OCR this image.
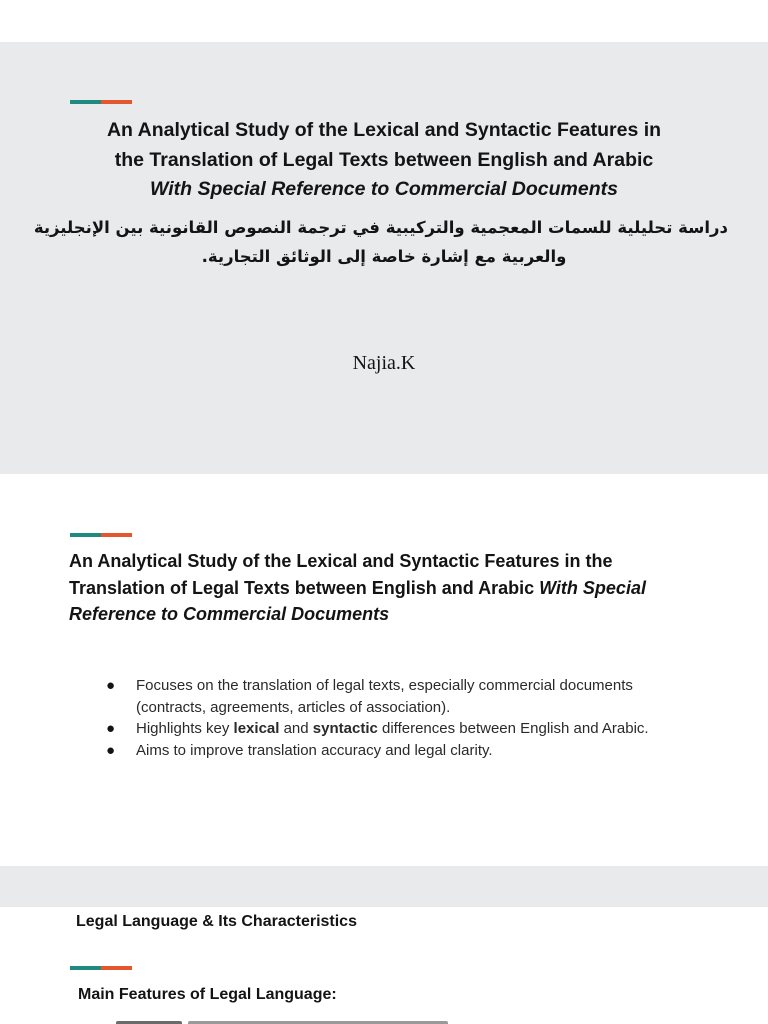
An Analytical Study of the Lexical and Syntactic Features in
the Translation of Legal Texts between English and Arabic
With Special Reference to Commercial Documents
دراسة تحليلية للسمات المعجمية والتركيبية في ترجمة النصوص القانونية بين الإنجليزية
والعربية مع إشارة خاصة إلى الوثائق التجارية.
Najia.K
An Analytical Study of the Lexical and Syntactic Features in the
Translation of Legal Texts between English and Arabic With Special
Reference to Commercial Documents
● Focuses on the translation of legal texts, especially commercial documents
(contracts, agreements, articles of association).
● Highlights key lexical and syntactic differences between English and Arabic.
● Aims to improve translation accuracy and legal clarity.
Legal Language & Its Characteristics
Main Features of Legal Language:
